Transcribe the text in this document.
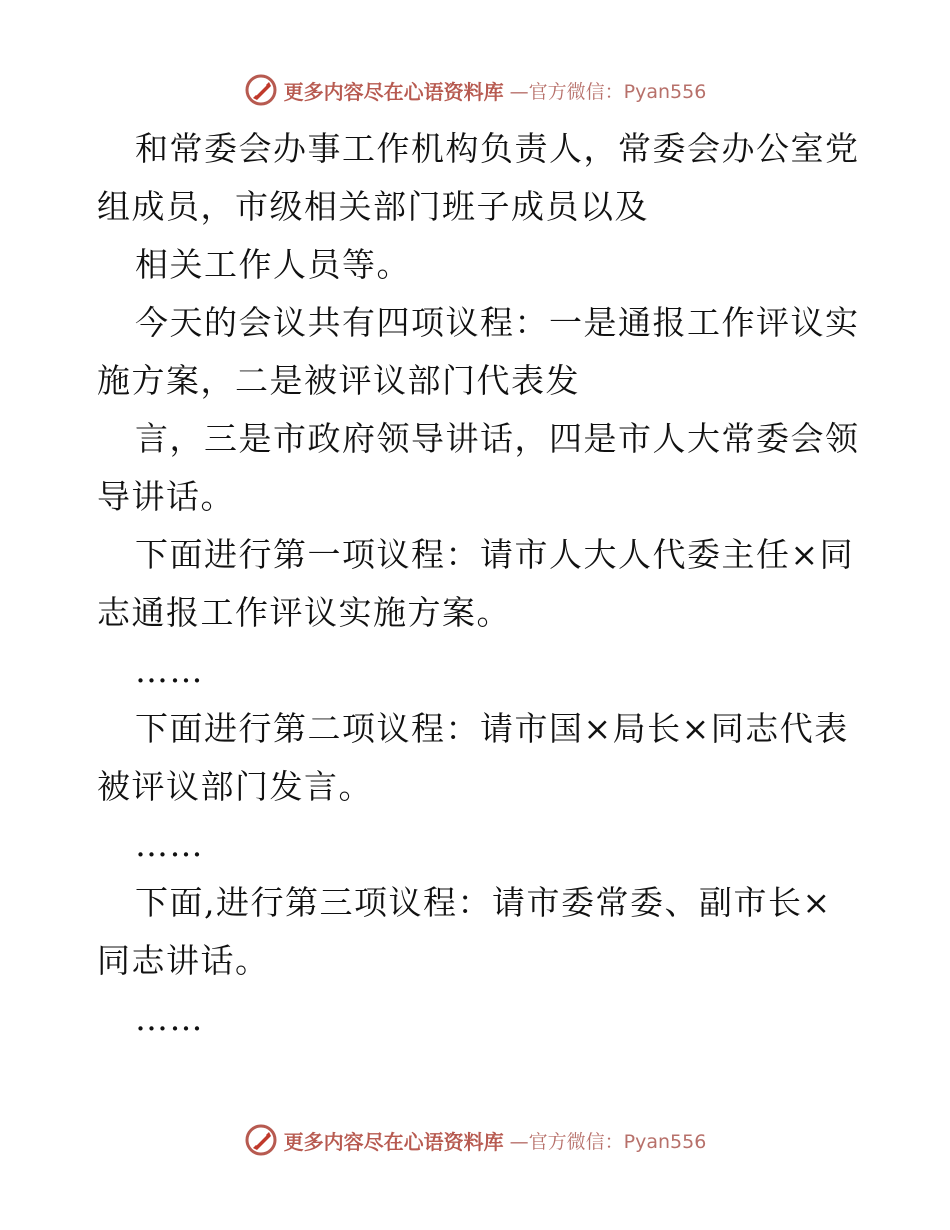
更多内容尽在心语资料库 —官方微信：Pyan556
和常委会办事工作机构负责人，常委会办公室党
组成员，市级相关部门班子成员以及
相关工作人员等。
今天的会议共有四项议程：一是通报工作评议实
施方案，二是被评议部门代表发
言，三是市政府领导讲话，四是市人大常委会领
导讲话。
下面进行第一项议程：请市人大人代委主任×同
志通报工作评议实施方案。
……
下面进行第二项议程：请市国×局长×同志代表
被评议部门发言。
……
下面,进行第三项议程：请市委常委、副市长×
同志讲话。
……
更多内容尽在心语资料库 —官方微信：Pyan556
